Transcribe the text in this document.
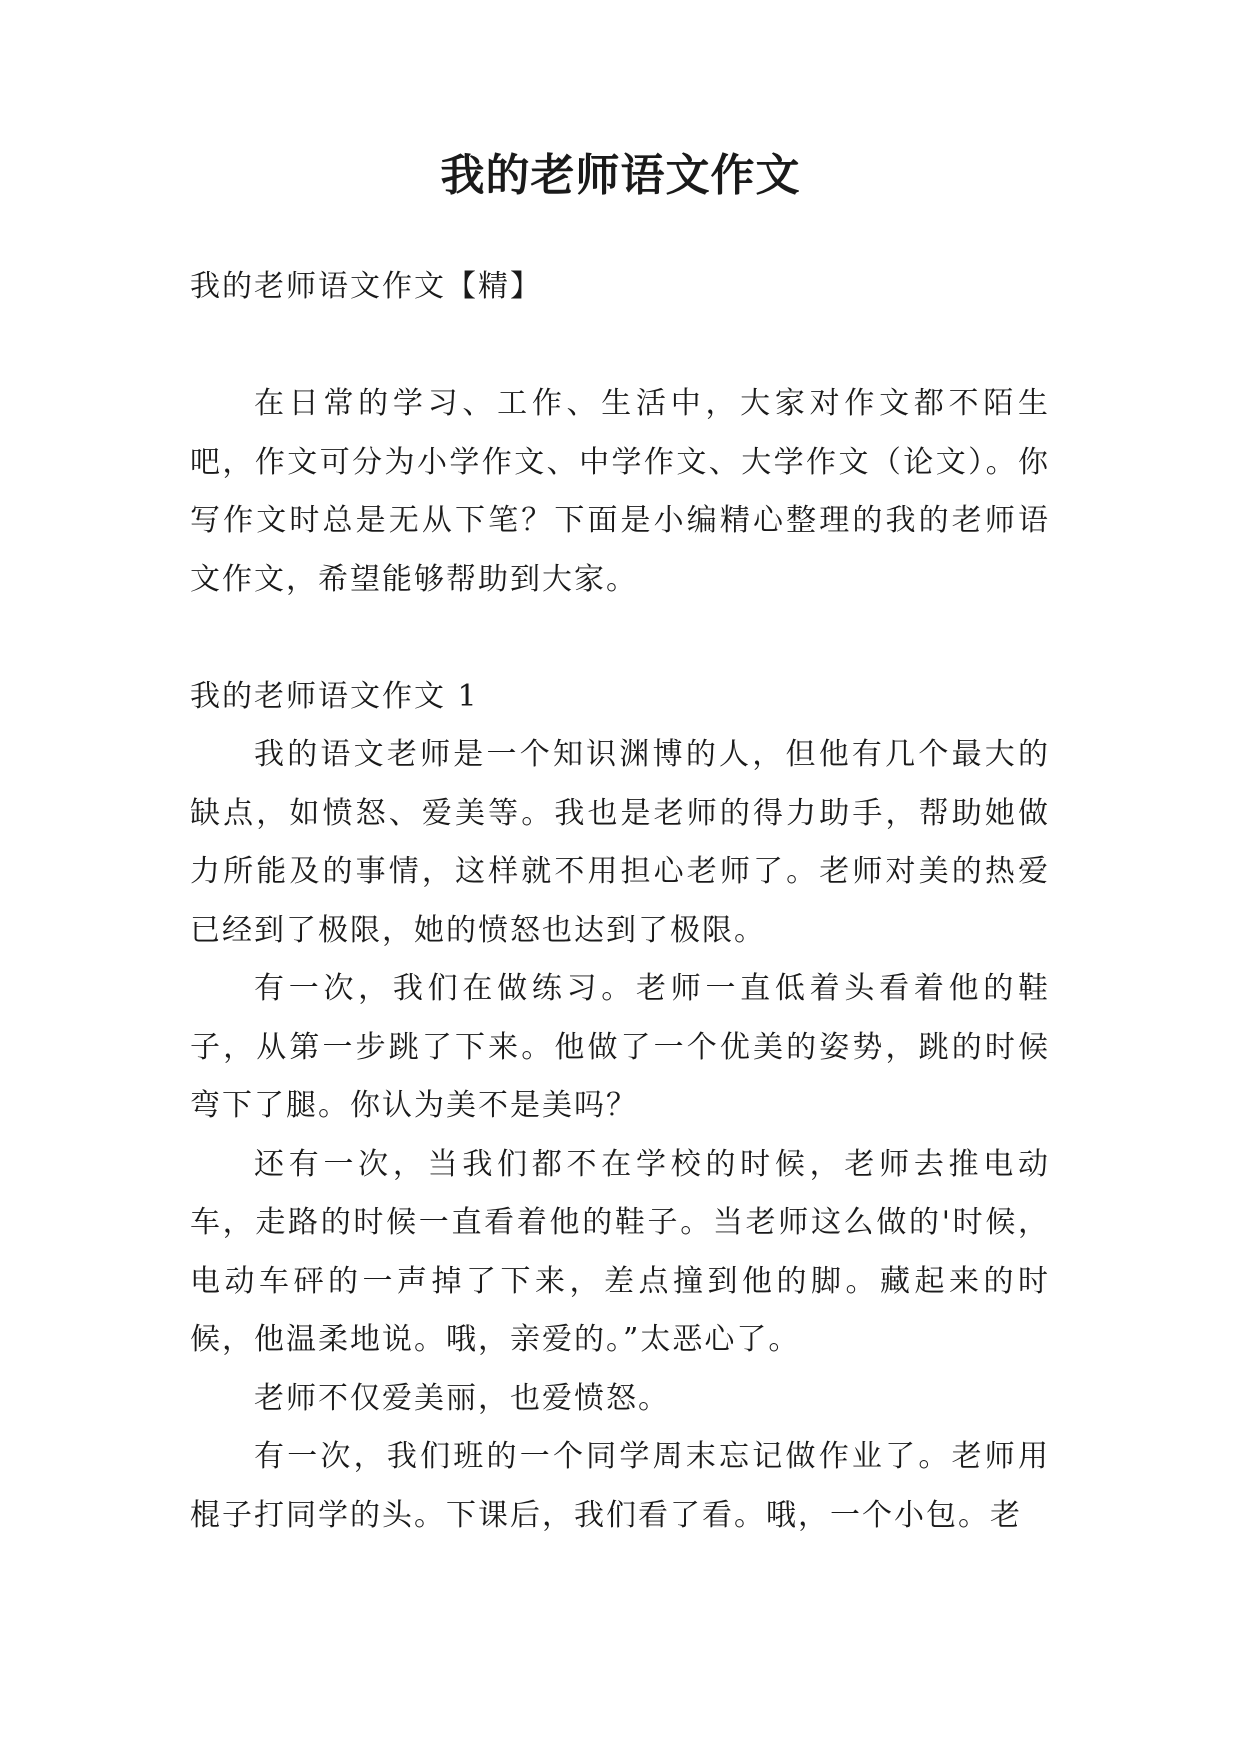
我的老师语文作文

我的老师语文作文【精】

在日常的学习、工作、生活中，大家对作文都不陌生吧，作文可分为小学作文、中学作文、大学作文（论文）。你写作文时总是无从下笔？下面是小编精心整理的我的老师语文作文，希望能够帮助到大家。

我的老师语文作文 1

我的语文老师是一个知识渊博的人，但他有几个最大的缺点，如愤怒、爱美等。我也是老师的得力助手，帮助她做力所能及的事情，这样就不用担心老师了。老师对美的热爱已经到了极限，她的愤怒也达到了极限。

有一次，我们在做练习。老师一直低着头看着他的鞋子，从第一步跳了下来。他做了一个优美的姿势，跳的时候弯下了腿。你认为美不是美吗？

还有一次，当我们都不在学校的时候，老师去推电动车，走路的时候一直看着他的鞋子。当老师这么做的'时候，电动车砰的一声掉了下来，差点撞到他的脚。藏起来的时候，他温柔地说。哦，亲爱的。”太恶心了。

老师不仅爱美丽，也爱愤怒。

有一次，我们班的一个同学周末忘记做作业了。老师用棍子打同学的头。下课后，我们看了看。哦，一个小包。老
